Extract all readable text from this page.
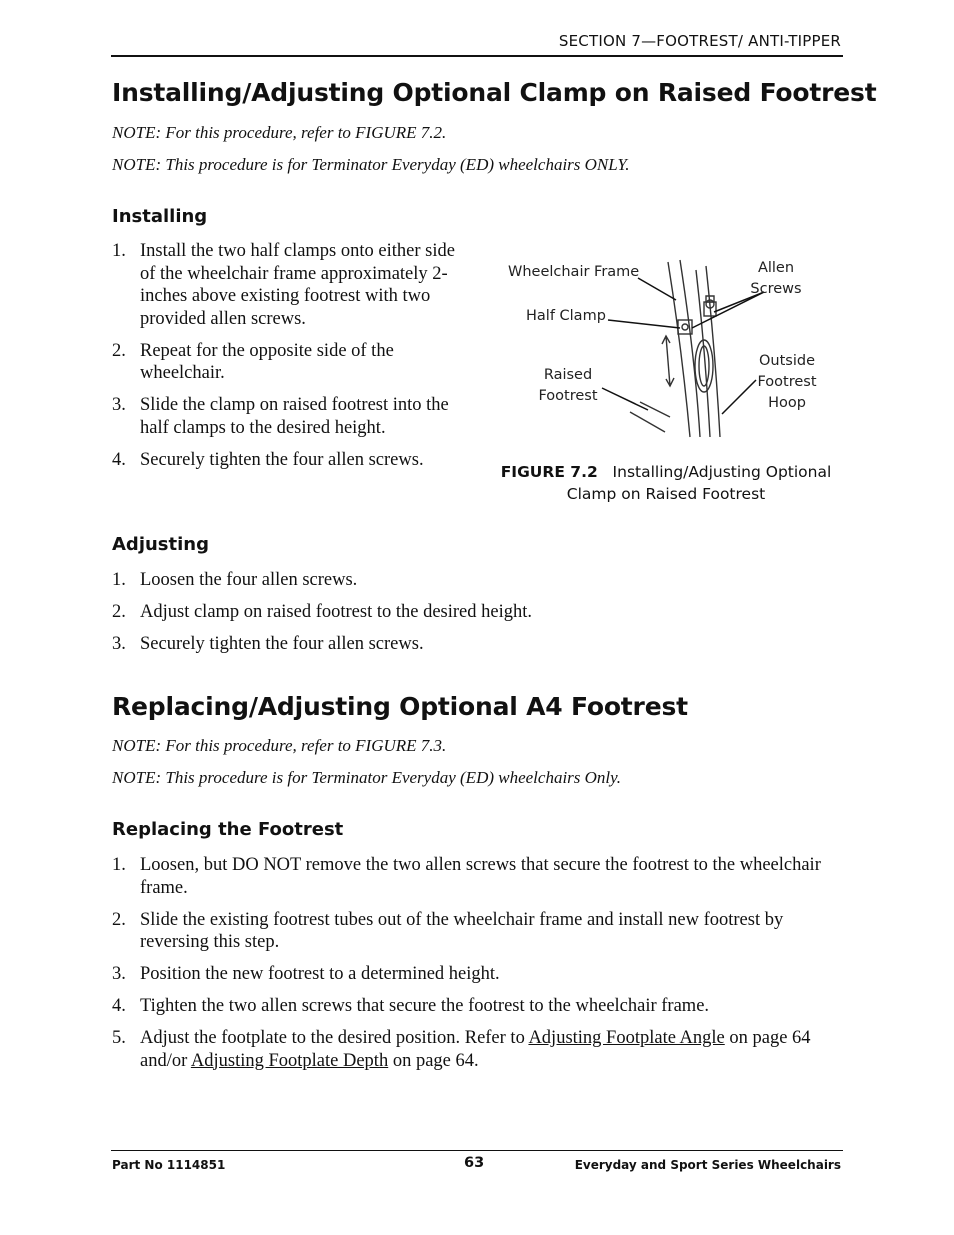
SECTION 7—FOOTREST/ ANTI-TIPPER
Installing/Adjusting Optional Clamp on Raised Footrest
NOTE: For this procedure, refer to FIGURE 7.2.
NOTE: This procedure is for Terminator Everyday (ED) wheelchairs ONLY.
Installing
1. Install the two half clamps onto either side of the wheelchair frame approximately 2-inches above existing footrest with two provided allen screws.
2. Repeat for the opposite side of the wheelchair.
3. Slide the clamp on raised footrest into the half clamps to the desired height.
4. Securely tighten the four allen screws.
Wheelchair Frame	Allen
Screws
Half Clamp
Raised
Footrest
Outside
Footrest
Hoop
FIGURE 7.2 Installing/Adjusting Optional
Clamp on Raised Footrest
Adjusting
1. Loosen the four allen screws.
2. Adjust clamp on raised footrest to the desired height.
3. Securely tighten the four allen screws.
Replacing/Adjusting Optional A4 Footrest
NOTE: For this procedure, refer to FIGURE 7.3.
NOTE: This procedure is for Terminator Everyday (ED) wheelchairs Only.
Replacing the Footrest
1. Loosen, but DO NOT remove the two allen screws that secure the footrest to the wheelchair frame.
2. Slide the existing footrest tubes out of the wheelchair frame and install new footrest by reversing this step.
3. Position the new footrest to a determined height.
4. Tighten the two allen screws that secure the footrest to the wheelchair frame.
5. Adjust the footplate to the desired position. Refer to Adjusting Footplate Angle on page 64 and/or Adjusting Footplate Depth on page 64.
Part No 1114851	63	Everyday and Sport Series Wheelchairs
